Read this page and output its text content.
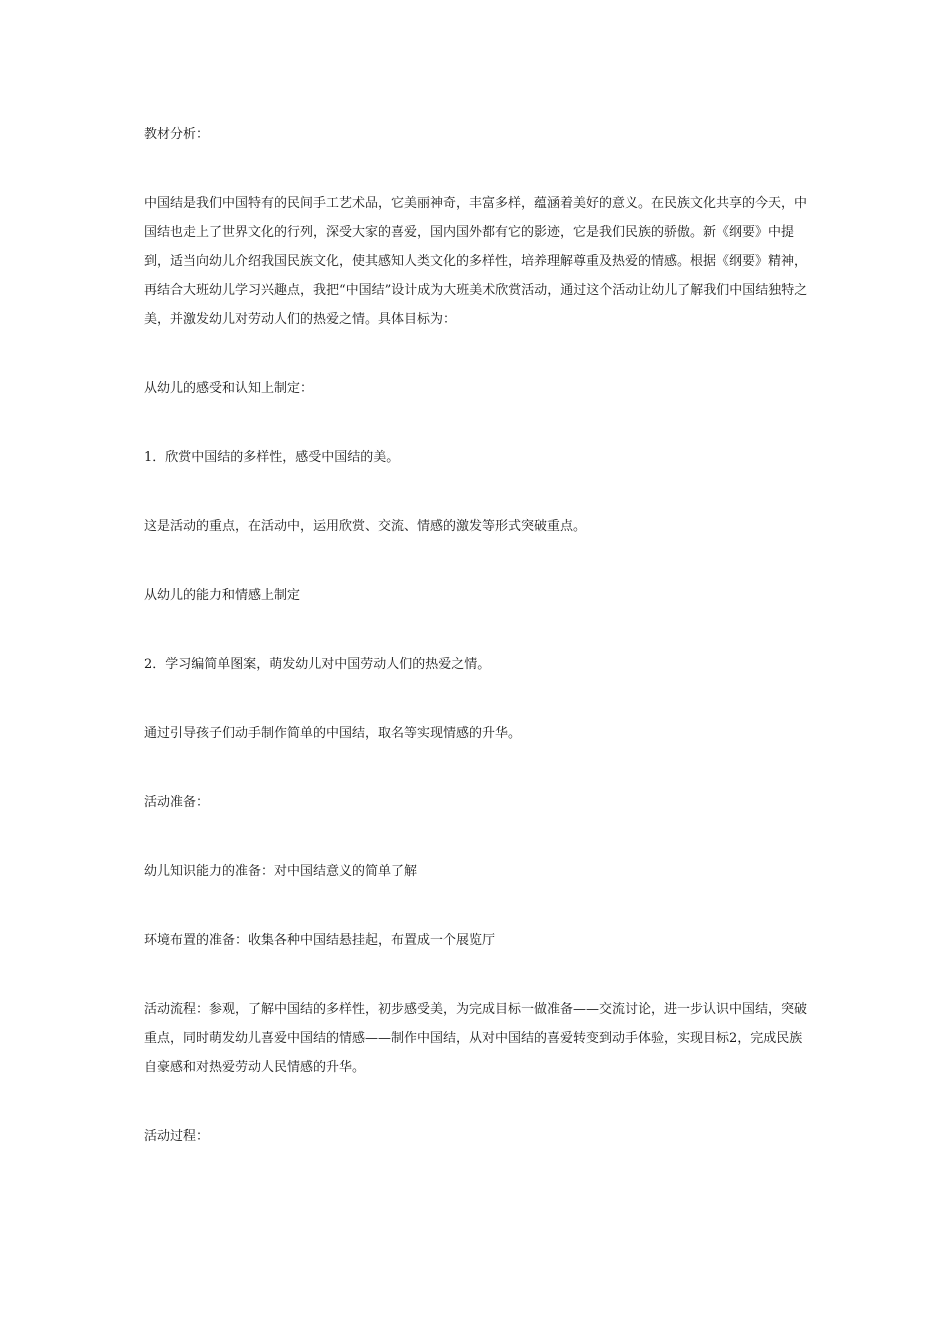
教材分析：

中国结是我们中国特有的民间手工艺术品，它美丽神奇，丰富多样，蕴涵着美好的意义。在民族文化共享的今天，中国结也走上了世界文化的行列，深受大家的喜爱，国内国外都有它的影迹，它是我们民族的骄傲。新《纲要》中提到，适当向幼儿介绍我国民族文化，使其感知人类文化的多样性，培养理解尊重及热爱的情感。根据《纲要》精神，再结合大班幼儿学习兴趣点，我把“中国结”设计成为大班美术欣赏活动，通过这个活动让幼儿了解我们中国结独特之美，并激发幼儿对劳动人们的热爱之情。具体目标为：

从幼儿的感受和认知上制定：

1．欣赏中国结的多样性，感受中国结的美。

这是活动的重点，在活动中，运用欣赏、交流、情感的激发等形式突破重点。

从幼儿的能力和情感上制定

2．学习编简单图案，萌发幼儿对中国劳动人们的热爱之情。

通过引导孩子们动手制作简单的中国结，取名等实现情感的升华。

活动准备：

幼儿知识能力的准备：对中国结意义的简单了解

环境布置的准备：收集各种中国结悬挂起，布置成一个展览厅

活动流程：参观，了解中国结的多样性，初步感受美，为完成目标一做准备——交流讨论，进一步认识中国结，突破重点，同时萌发幼儿喜爱中国结的情感——制作中国结，从对中国结的喜爱转变到动手体验，实现目标2，完成民族自豪感和对热爱劳动人民情感的升华。

活动过程：
